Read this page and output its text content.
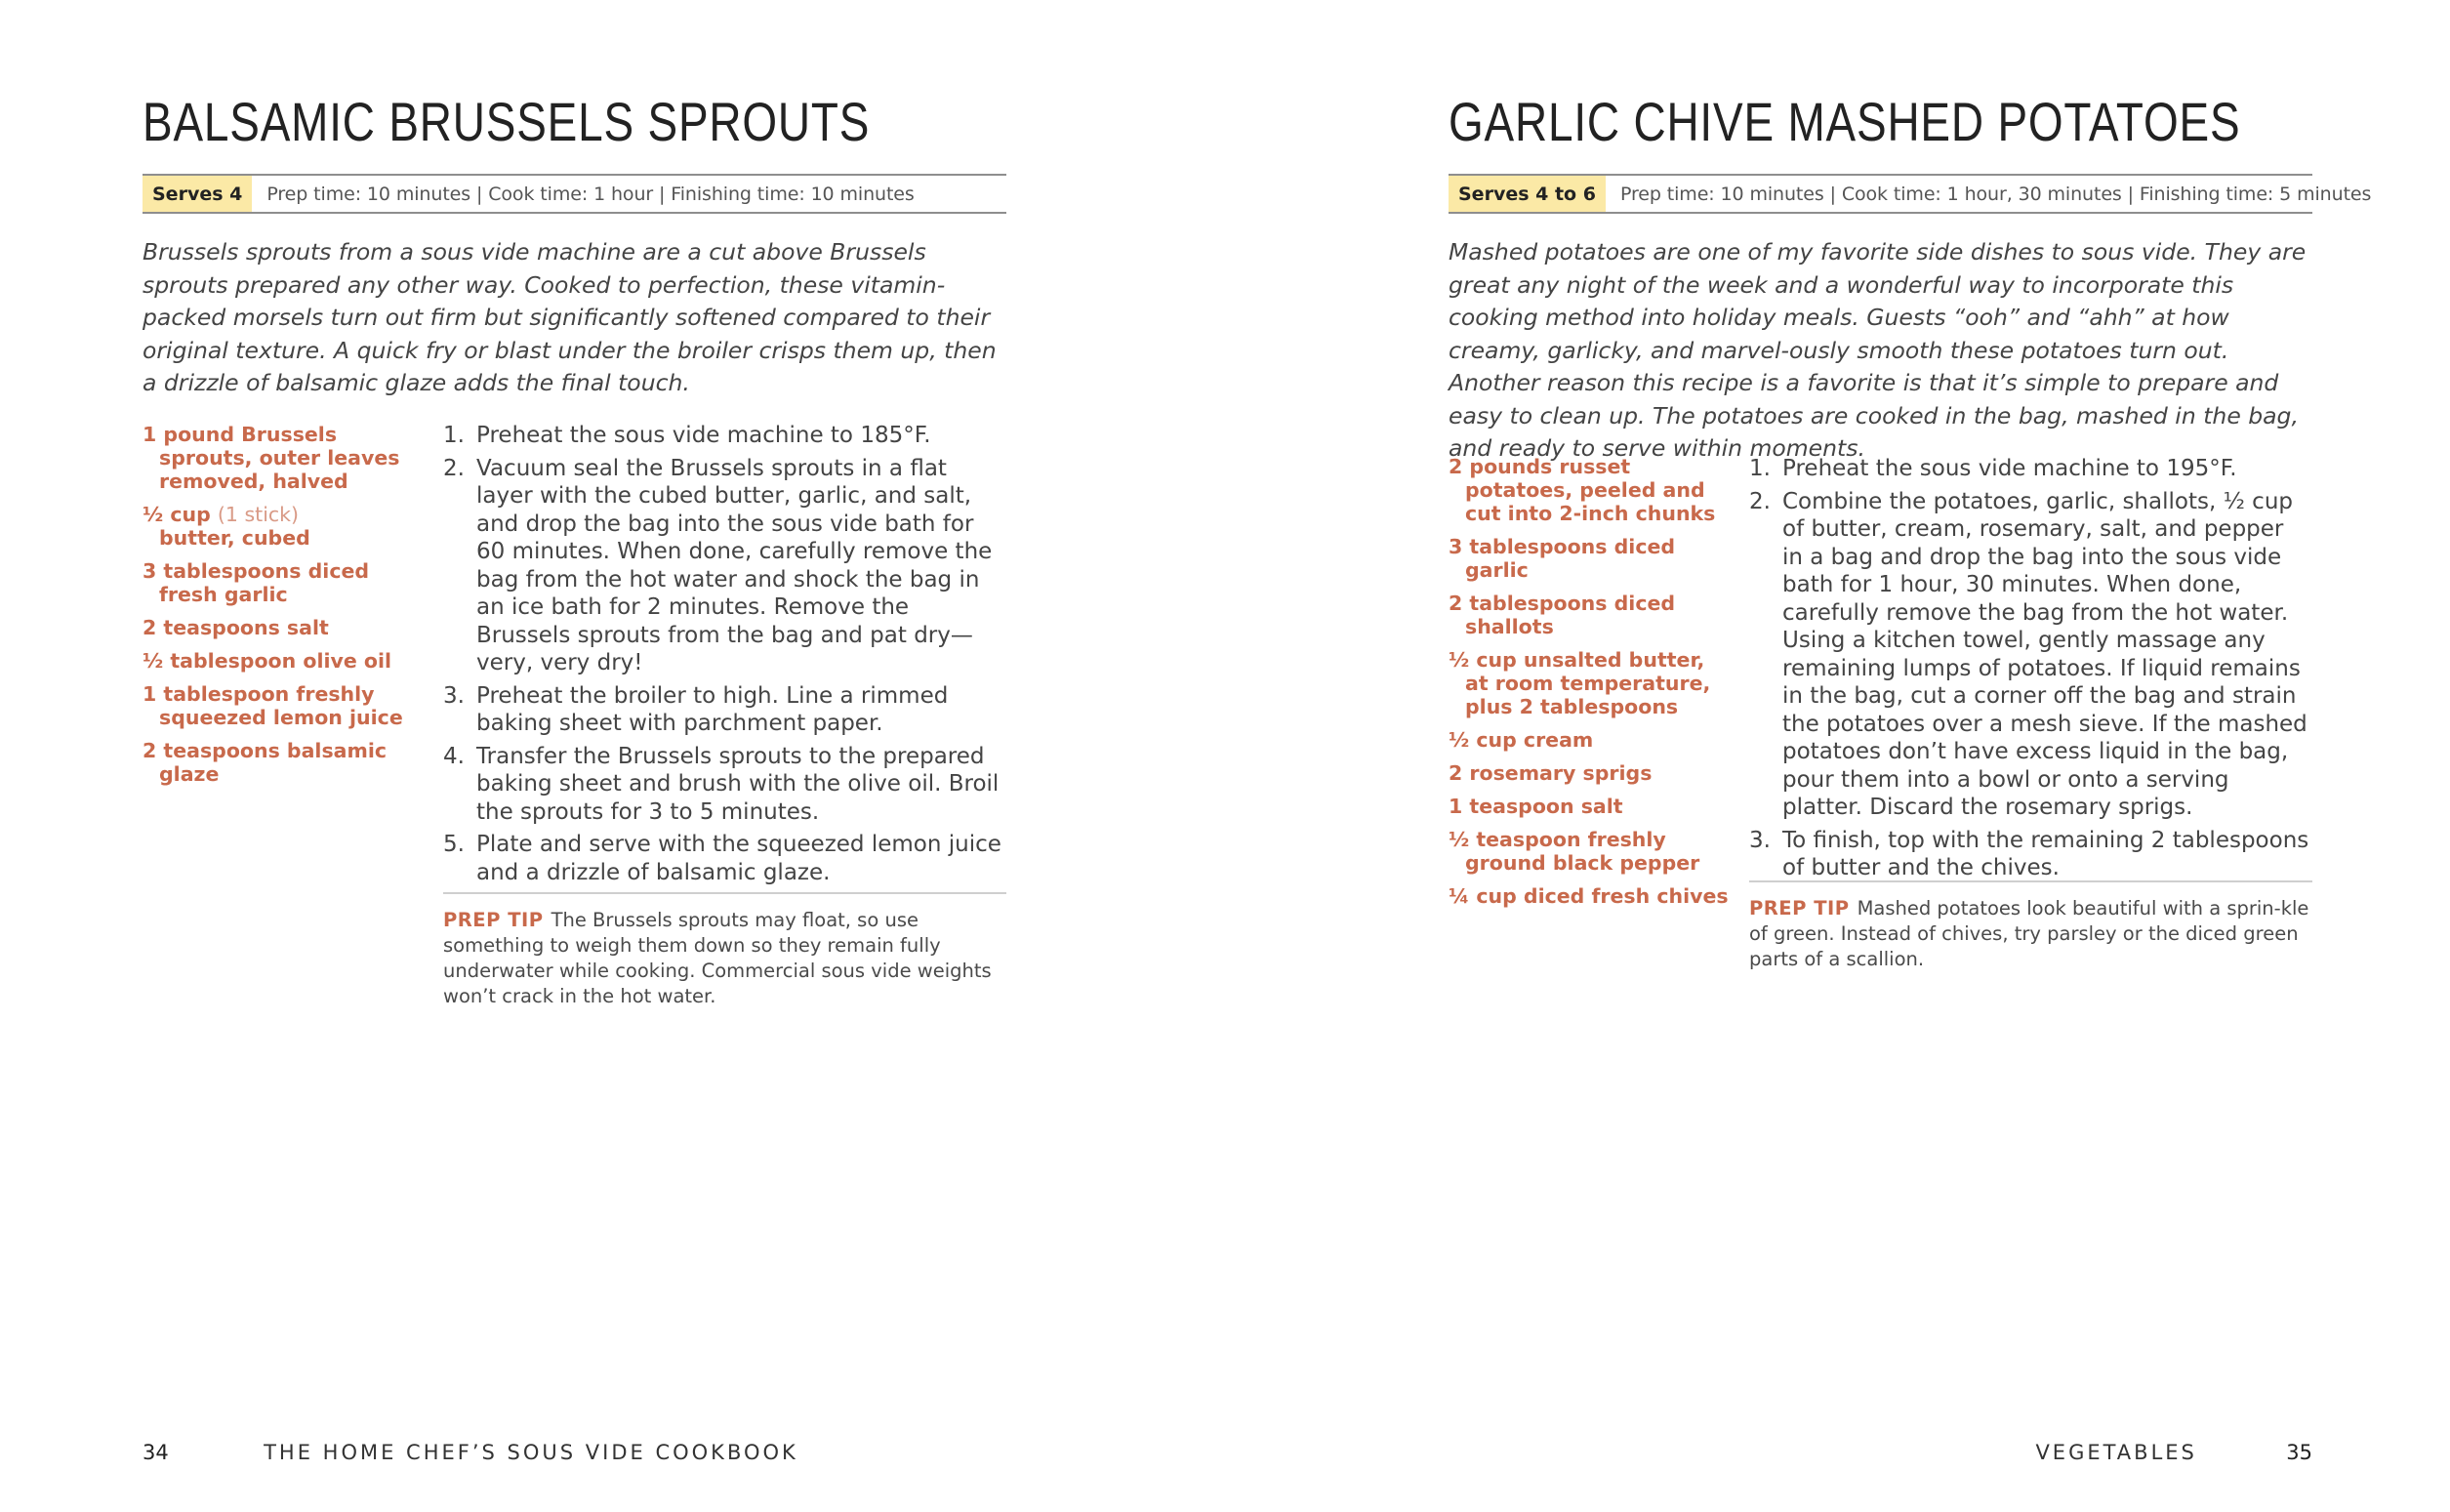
BALSAMIC BRUSSELS SPROUTS
Serves 4	Prep time: 10 minutes | Cook time: 1 hour | Finishing time: 10 minutes

Brussels sprouts from a sous vide machine are a cut above Brussels sprouts prepared any other way. Cooked to perfection, these vitamin-packed morsels turn out firm but significantly softened compared to their original texture. A quick fry or blast under the broiler crisps them up, then a drizzle of balsamic glaze adds the final touch.

1 pound Brussels sprouts, outer leaves removed, halved
½ cup (1 stick)
butter, cubed
3 tablespoons diced fresh garlic
2 teaspoons salt
½ tablespoon olive oil
1 tablespoon freshly squeezed lemon juice
2 teaspoons balsamic glaze
1. Preheat the sous vide machine to 185°F.
2. Vacuum seal the Brussels sprouts in a flat layer with the cubed butter, garlic, and salt, and drop the bag into the sous vide bath for 60 minutes. When done, carefully remove the bag from the hot water and shock the bag in an ice bath for 2 minutes. Remove the Brussels sprouts from the bag and pat dry—very, very dry!
3. Preheat the broiler to high. Line a rimmed baking sheet with parchment paper.
4. Transfer the Brussels sprouts to the prepared baking sheet and brush with the olive oil. Broil the sprouts for 3 to 5 minutes.
5. Plate and serve with the squeezed lemon juice and a drizzle of balsamic glaze.
PREP TIP The Brussels sprouts may float, so use something to weigh them down so they remain fully underwater while cooking. Commercial sous vide weights won’t crack in the hot water.
34	THE HOME CHEF’S SOUS VIDE COOKBOOK
GARLIC CHIVE MASHED POTATOES
Serves 4 to 6	Prep time: 10 minutes | Cook time: 1 hour, 30 minutes | Finishing time: 5 minutes

Mashed potatoes are one of my favorite side dishes to sous vide. They are great any night of the week and a wonderful way to incorporate this cooking method into holiday meals. Guests “ooh” and “ahh” at how creamy, garlicky, and marvel-ously smooth these potatoes turn out. Another reason this recipe is a favorite is that it’s simple to prepare and easy to clean up. The potatoes are cooked in the bag, mashed in the bag, and ready to serve within moments.

2 pounds russet potatoes, peeled and cut into 2-inch chunks
3 tablespoons diced garlic
2 tablespoons diced shallots
½ cup unsalted butter, at room temperature, plus 2 tablespoons
½ cup cream
2 rosemary sprigs
1 teaspoon salt
½ teaspoon freshly ground black pepper
¼ cup diced fresh chives
1. Preheat the sous vide machine to 195°F.
2. Combine the potatoes, garlic, shallots, ½ cup of butter, cream, rosemary, salt, and pepper in a bag and drop the bag into the sous vide bath for 1 hour, 30 minutes. When done, carefully remove the bag from the hot water. Using a kitchen towel, gently massage any remaining lumps of potatoes. If liquid remains in the bag, cut a corner off the bag and strain the potatoes over a mesh sieve. If the mashed potatoes don’t have excess liquid in the bag, pour them into a bowl or onto a serving platter. Discard the rosemary sprigs.
3. To finish, top with the remaining 2 tablespoons of butter and the chives.
PREP TIP Mashed potatoes look beautiful with a sprin-kle of green. Instead of chives, try parsley or the diced green parts of a scallion.
VEGETABLES	35
